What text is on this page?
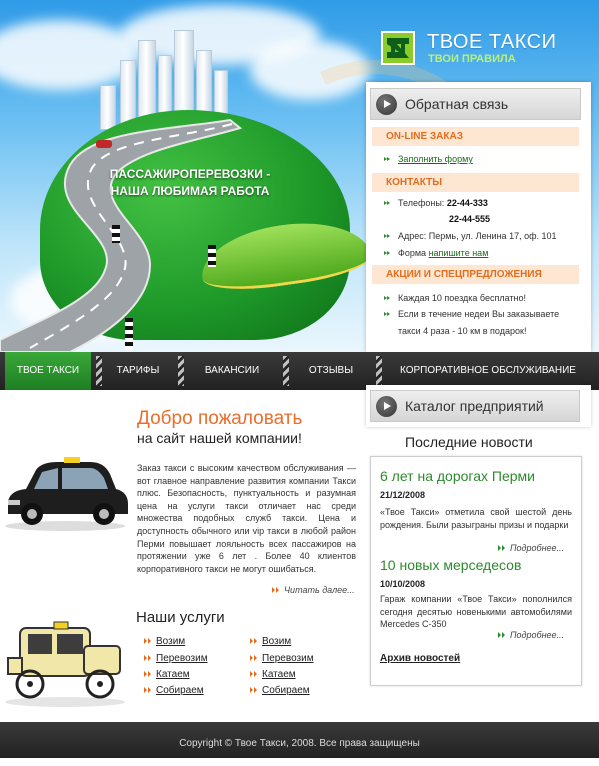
ПАССАЖИРОПЕРЕВОЗКИ -
НАША ЛЮБИМАЯ РАБОТА
ТВОЕ ТАКСИ
ТВОИ ПРАВИЛА
Обратная связь
ON-LINE ЗАКАЗ
Заполнить форму
КОНТАКТЫ
Телефоны: 22-44-333
22-44-555
Адрес: Пермь, ул. Ленина 17, оф. 101
Форма напишите нам
АКЦИИ И СПЕЦПРЕДЛОЖЕНИЯ
Каждая 10 поездка бесплатно!
Если в течение недеи Вы заказываете
такси 4 раза - 10 км в подарок!
ТВОЕ ТАКСИ	ТАРИФЫ	ВАКАНСИИ	ОТЗЫВЫ	КОРПОРАТИВНОЕ ОБСЛУЖИВАНИЕ
Каталог предприятий
Добро пожаловать
на сайт нашей компании!
Заказ такси с высоким качеством обслуживания — вот главное направление развития компании Такси плюс. Безопасность, пунктуальность и разумная цена на услуги такси отличает нас среди множества подобных служб такси. Цена и доступность обычного или vip такси в любой район Перми повышает лояльность всех пассажиров на протяжении уже 6 лет . Более 40 клиентов корпоративного такси не могут ошибаться.
Читать далее...
Наши услуги
Возим
Перевозим
Катаем
Собираем
Возим
Перевозим
Катаем
Собираем
Последние новости
6 лет на дорогах Перми
21/12/2008
«Твое Такси» отметила свой шестой день рождения. Были разыграны призы и подарки
Подробнее...
10 новых мерседесов
10/10/2008
Гараж компании «Твое Такси» пополнился сегодня десятью новенькими автомобилями Mercedes C-350
Подробнее...
Архив новостей
Copyright © Твое Такси, 2008. Все права защищены
